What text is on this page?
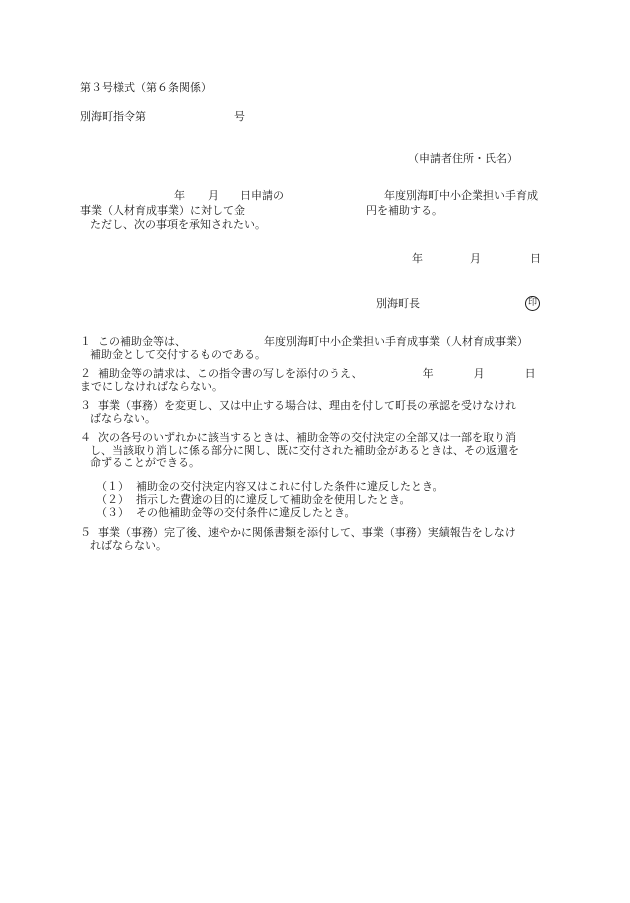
第３号様式（第６条関係）
別海町指令第	号
（申請者住所・氏名）
年 月 日申請の	年度別海町中小企業担い手育成
事業（人材育成事業）に対して金	円を補助する。
ただし、次の事項を承知されたい。
年	月	日
別海町長	印
１ この補助金等は、	年度別海町中小企業担い手育成事業（人材育成事業）
補助金として交付するものである。
２ 補助金等の請求は、この指令書の写しを添付のうえ、	年	月	日
までにしなければならない。
３ 事業（事務）を変更し、又は中止する場合は、理由を付して町長の承認を受けなけれ
ばならない。
４ 次の各号のいずれかに該当するときは、補助金等の交付決定の全部又は一部を取り消
し、当該取り消しに係る部分に関し、既に交付された補助金があるときは、その返還を
命ずることができる。
（１） 補助金の交付決定内容又はこれに付した条件に違反したとき。
（２） 指示した費途の目的に違反して補助金を使用したとき。
（３） その他補助金等の交付条件に違反したとき。
５ 事業（事務）完了後、速やかに関係書類を添付して、事業（事務）実績報告をしなけ
ればならない。
